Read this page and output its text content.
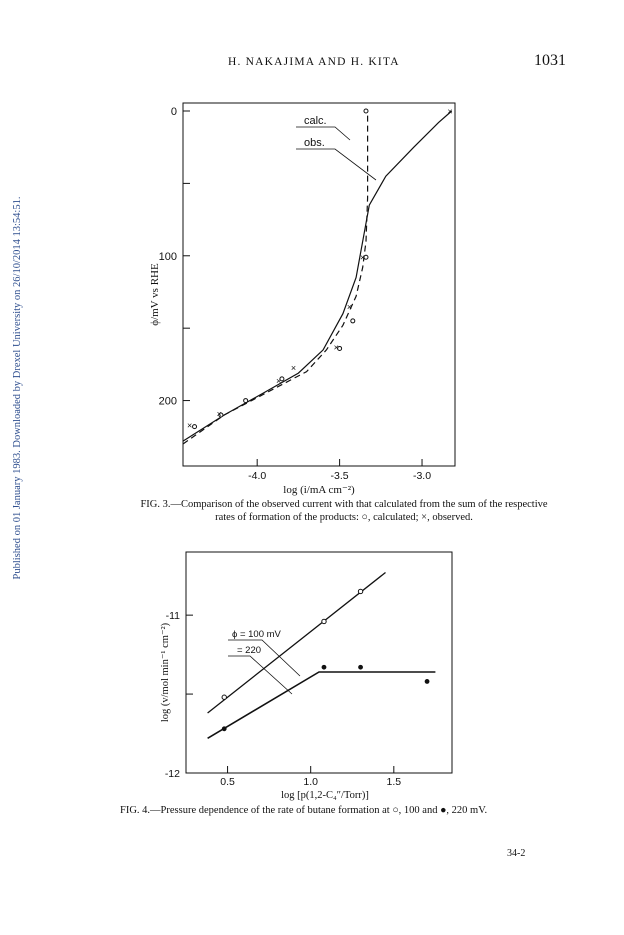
H. NAKAJIMA AND H. KITA	1031
Published on 01 January 1983. Downloaded by Drexel University on 26/10/2014 13:54:51.
0
100
200
-4.0	-3.5	-3.0
log (i/mA cm⁻²)
ϕ/mV vs RHE
×
×
×
×
×
×
×
×
calc.
obs.
FIG. 3.—Comparison of the observed current with that calculated from the sum of the respective rates of formation of the products: ○, calculated; ×, observed.
-11
-12
0.5	1.0	1.5
log [p(1,2-C₄″/Torr)]
log (v/mol min⁻¹ cm⁻²)	ϕ = 100 mV
= 220
FIG. 4.—Pressure dependence of the rate of butane formation at ○, 100 and ●, 220 mV.
34-2
